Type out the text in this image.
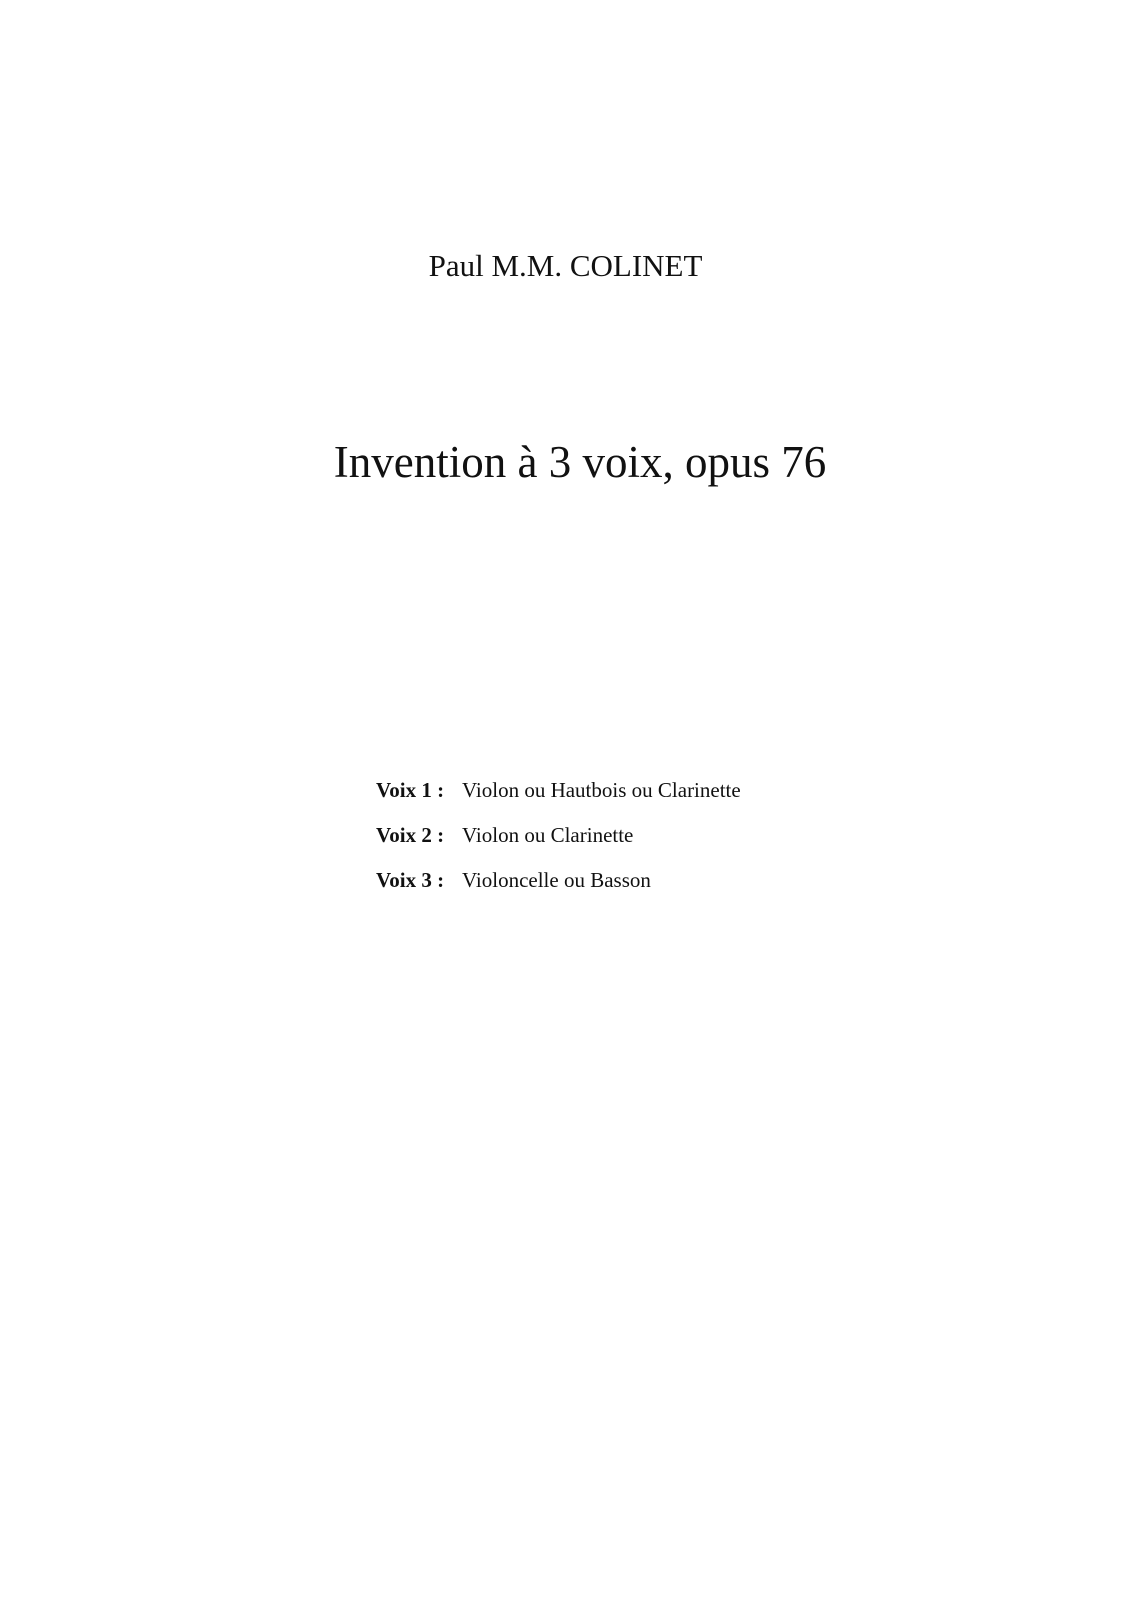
Paul M.M. COLINET
Invention à 3 voix, opus 76
Voix 1 : Violon ou Hautbois ou Clarinette
Voix 2 : Violon ou Clarinette
Voix 3 : Violoncelle ou Basson
